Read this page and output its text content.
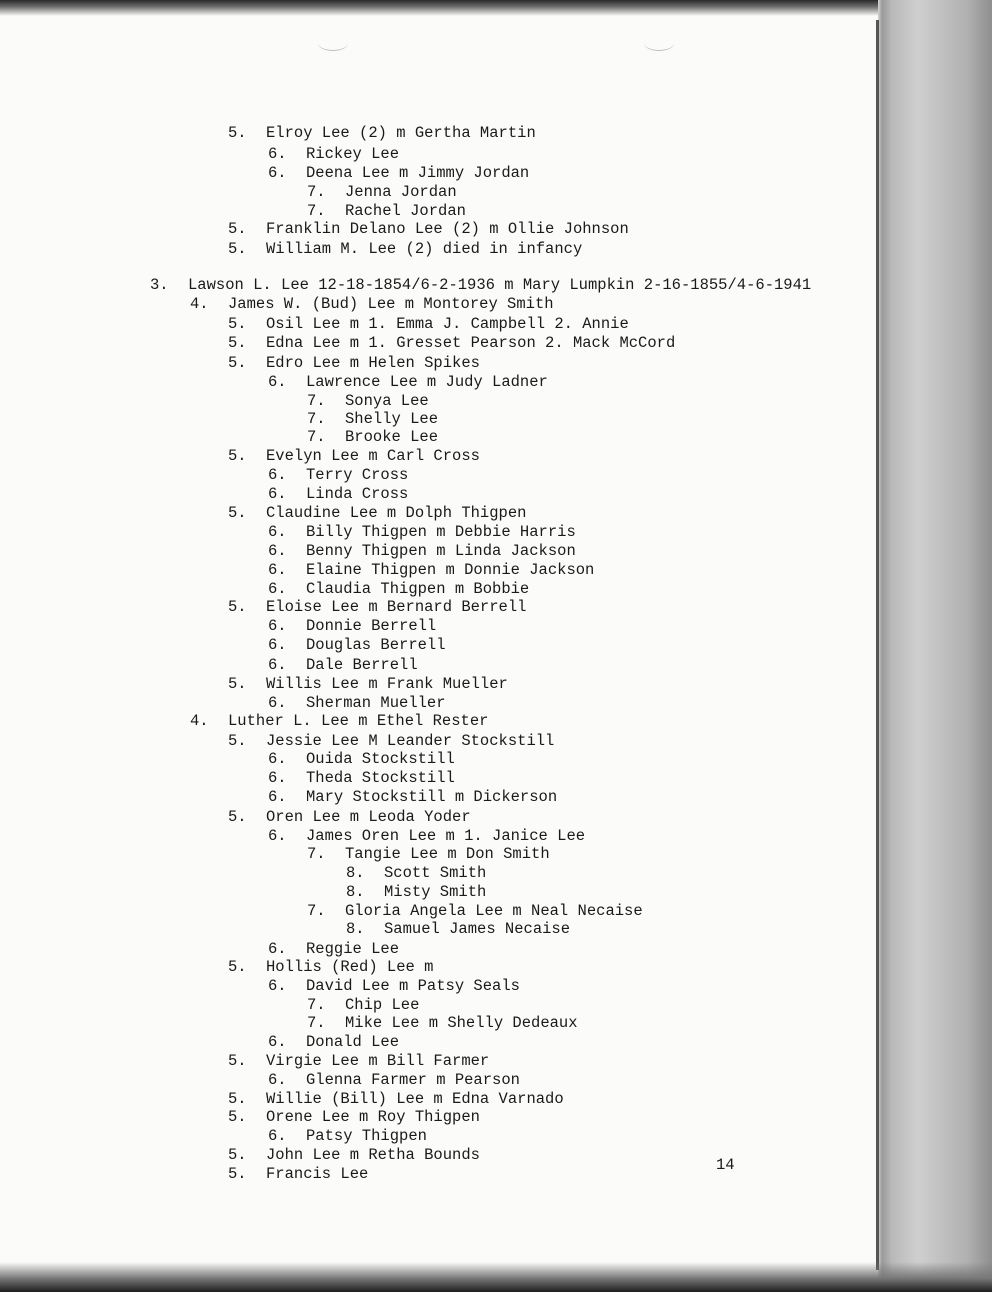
5. Elroy Lee (2) m Gertha Martin
6. Rickey Lee
6. Deena Lee m Jimmy Jordan
7. Jenna Jordan
7. Rachel Jordan
5. Franklin Delano Lee (2) m Ollie Johnson
5. William M. Lee (2) died in infancy
3. Lawson L. Lee 12-18-1854/6-2-1936 m Mary Lumpkin 2-16-1855/4-6-1941
4. James W. (Bud) Lee m Montorey Smith
5. Osil Lee m 1. Emma J. Campbell 2. Annie
5. Edna Lee m 1. Gresset Pearson 2. Mack McCord
5. Edro Lee m Helen Spikes
6. Lawrence Lee m Judy Ladner
7. Sonya Lee
7. Shelly Lee
7. Brooke Lee
5. Evelyn Lee m Carl Cross
6. Terry Cross
6. Linda Cross
5. Claudine Lee m Dolph Thigpen
6. Billy Thigpen m Debbie Harris
6. Benny Thigpen m Linda Jackson
6. Elaine Thigpen m Donnie Jackson
6. Claudia Thigpen m Bobbie
5. Eloise Lee m Bernard Berrell
6. Donnie Berrell
6. Douglas Berrell
6. Dale Berrell
5. Willis Lee m Frank Mueller
6. Sherman Mueller
4. Luther L. Lee m Ethel Rester
5. Jessie Lee M Leander Stockstill
6. Ouida Stockstill
6. Theda Stockstill
6. Mary Stockstill m Dickerson
5. Oren Lee m Leoda Yoder
6. James Oren Lee m 1. Janice Lee
7. Tangie Lee m Don Smith
8. Scott Smith
8. Misty Smith
7. Gloria Angela Lee m Neal Necaise
8. Samuel James Necaise
6. Reggie Lee
5. Hollis (Red) Lee m
6. David Lee m Patsy Seals
7. Chip Lee
7. Mike Lee m Shelly Dedeaux
6. Donald Lee
5. Virgie Lee m Bill Farmer
6. Glenna Farmer m Pearson
5. Willie (Bill) Lee m Edna Varnado
5. Orene Lee m Roy Thigpen
6. Patsy Thigpen
5. John Lee m Retha Bounds
5. Francis Lee	14
